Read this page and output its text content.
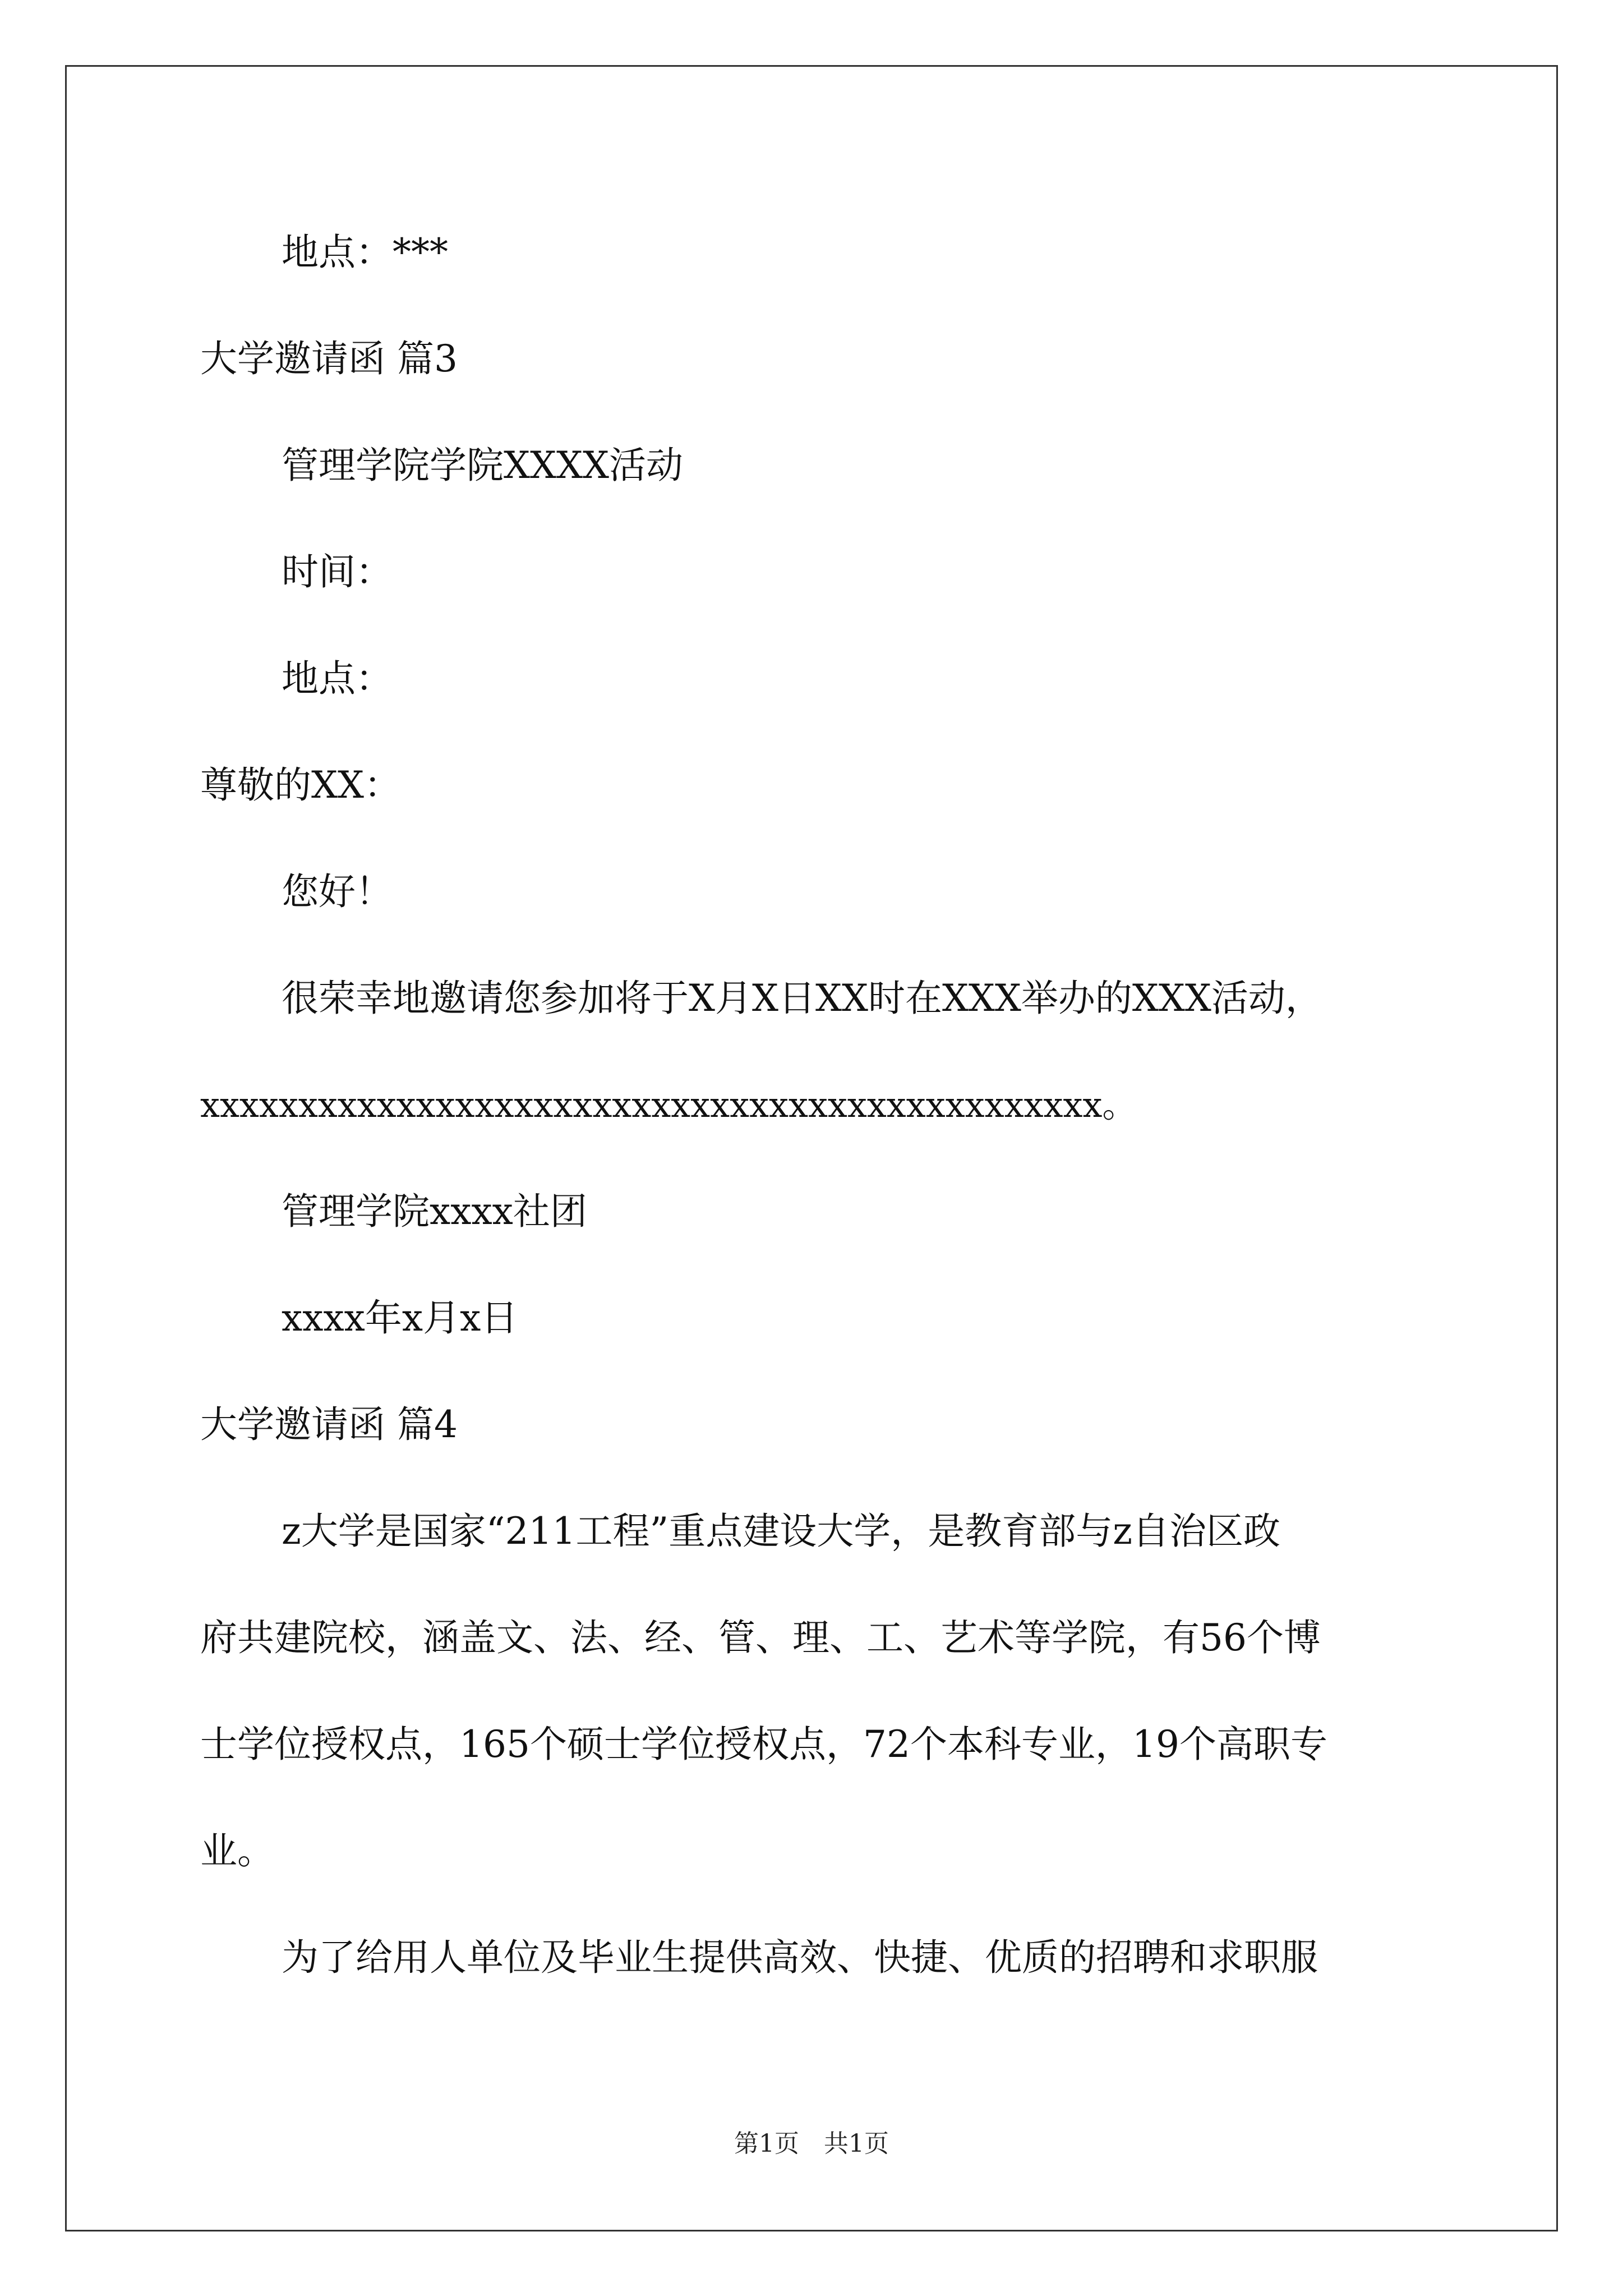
地点：***
大学邀请函 篇3
管理学院学院XXXX活动
时间：
地点：
尊敬的XX：
您好！
很荣幸地邀请您参加将于X月X日XX时在XXX举办的XXX活动，
xxxxxxxxxxxxxxxxxxxxxxxxxxxxxxxxxxxxxxxxxxxxxx。
管理学院xxxx社团
xxxx年x月x日
大学邀请函 篇4
z大学是国家“211工程”重点建设大学，是教育部与z自治区政
府共建院校，涵盖文、法、经、管、理、工、艺术等学院，有56个博
士学位授权点，165个硕士学位授权点，72个本科专业，19个高职专
业。
为了给用人单位及毕业生提供高效、快捷、优质的招聘和求职服
第1页　共1页
